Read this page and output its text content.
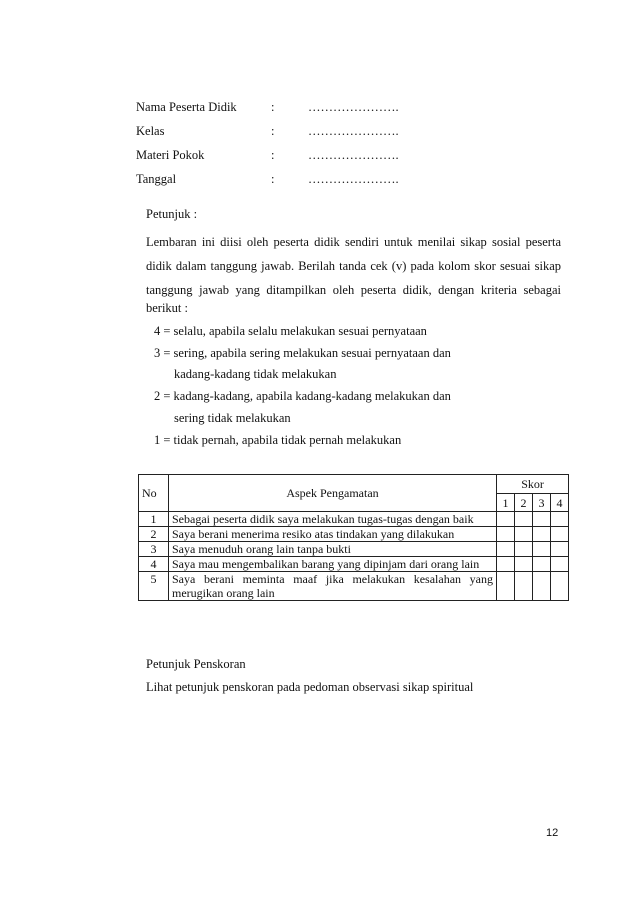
Nama Peserta Didik	:	………………….
Kelas	:	………………….
Materi Pokok	:	………………….
Tanggal	:	………………….
Petunjuk :
Lembaran ini diisi oleh peserta didik sendiri untuk menilai sikap sosial peserta
didik dalam tanggung jawab. Berilah tanda cek (v) pada kolom skor sesuai sikap
tanggung jawab yang ditampilkan oleh peserta didik, dengan kriteria sebagai
berikut :
4 = selalu, apabila selalu melakukan sesuai pernyataan
3 = sering, apabila sering melakukan sesuai pernyataan dan
kadang-kadang tidak melakukan
2 = kadang-kadang, apabila kadang-kadang melakukan dan
sering tidak melakukan
1 = tidak pernah, apabila tidak pernah melakukan
No	Aspek Pengamatan	Skor			
		1	2	3	4
1	Sebagai peserta didik saya melakukan tugas-tugas dengan baik				
2	Saya berani menerima resiko atas tindakan yang dilakukan				
3	Saya menuduh orang lain tanpa bukti				
4	Saya mau mengembalikan barang yang dipinjam dari orang lain				
5	Saya berani meminta maaf jika melakukan kesalahan yang merugikan orang lain				
Petunjuk Penskoran
Lihat petunjuk penskoran pada pedoman observasi sikap spiritual
12
